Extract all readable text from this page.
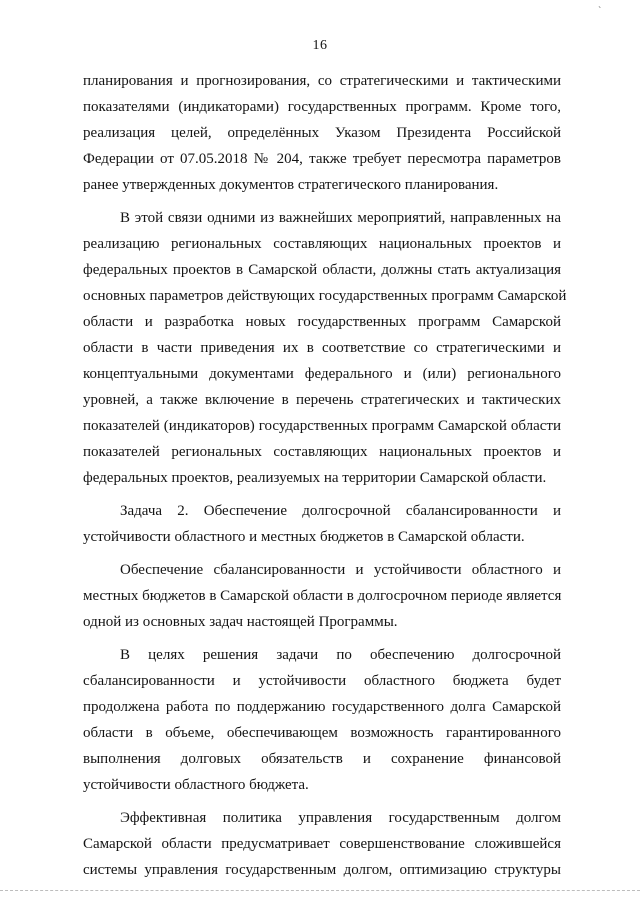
`
16
планирования и прогнозирования, со стратегическими и тактическими
показателями (индикаторами) государственных программ. Кроме того,
реализация целей, определённых Указом Президента Российской
Федерации от 07.05.2018 № 204, также требует пересмотра параметров
ранее утвержденных документов стратегического планирования.
В этой связи одними из важнейших мероприятий, направленных на
реализацию региональных составляющих национальных проектов и
федеральных проектов в Самарской области, должны стать актуализация
основных параметров действующих государственных программ Самарской
области и разработка новых государственных программ Самарской
области в части приведения их в соответствие со стратегическими и
концептуальными документами федерального и (или) регионального
уровней, а также включение в перечень стратегических и тактических
показателей (индикаторов) государственных программ Самарской области
показателей региональных составляющих национальных проектов и
федеральных проектов, реализуемых на территории Самарской области.
Задача 2. Обеспечение долгосрочной сбалансированности и
устойчивости областного и местных бюджетов в Самарской области.
Обеспечение сбалансированности и устойчивости областного и
местных бюджетов в Самарской области в долгосрочном периоде является
одной из основных задач настоящей Программы.
В целях решения задачи по обеспечению долгосрочной
сбалансированности и устойчивости областного бюджета будет
продолжена работа по поддержанию государственного долга Самарской
области в объеме, обеспечивающем возможность гарантированного
выполнения долговых обязательств и сохранение финансовой
устойчивости областного бюджета.
Эффективная политика управления государственным долгом
Самарской области предусматривает совершенствование сложившейся
системы управления государственным долгом, оптимизацию структуры
